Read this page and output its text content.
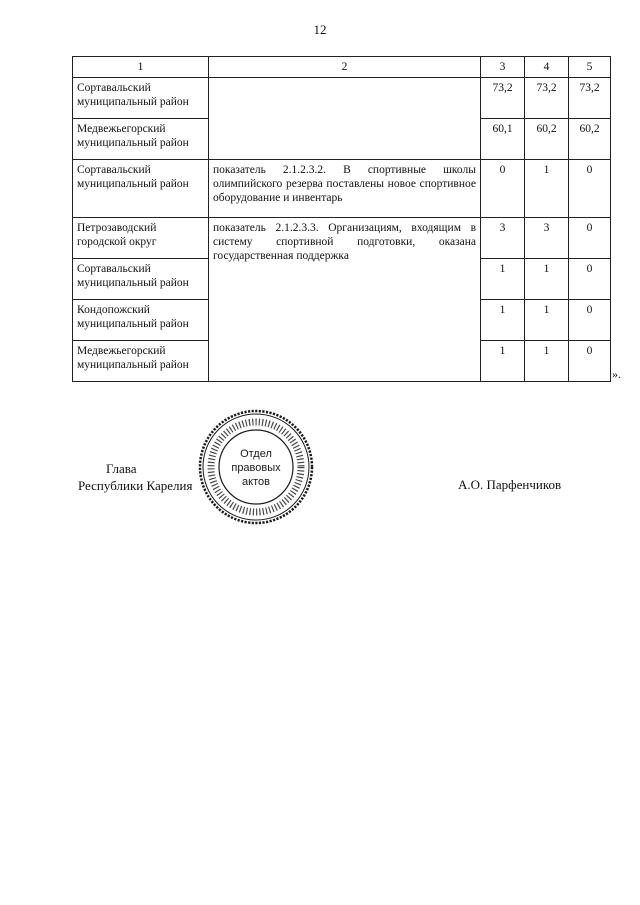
12
1	2	3	4	5
Сортавальский муниципальный район		73,2	73,2	73,2
Медвежьегорский муниципальный район		60,1	60,2	60,2
Сортавальский муниципальный район	показатель 2.1.2.3.2. В спортивные школы олимпийского резерва поставлены новое спортивное оборудование и инвентарь	0	1	0
Петрозаводский городской округ	показатель 2.1.2.3.3. Организациям, входящим в систему спортивной подготовки, оказана государственная поддержка	3	3	0
Сортавальский муниципальный район		1	1	0
Кондопожский муниципальный район		1	1	0
Медвежьегорский муниципальный район		1	1	0
».
Глава
Республики Карелия	А.О. Парфенчиков
Отдел
правовых
актов
